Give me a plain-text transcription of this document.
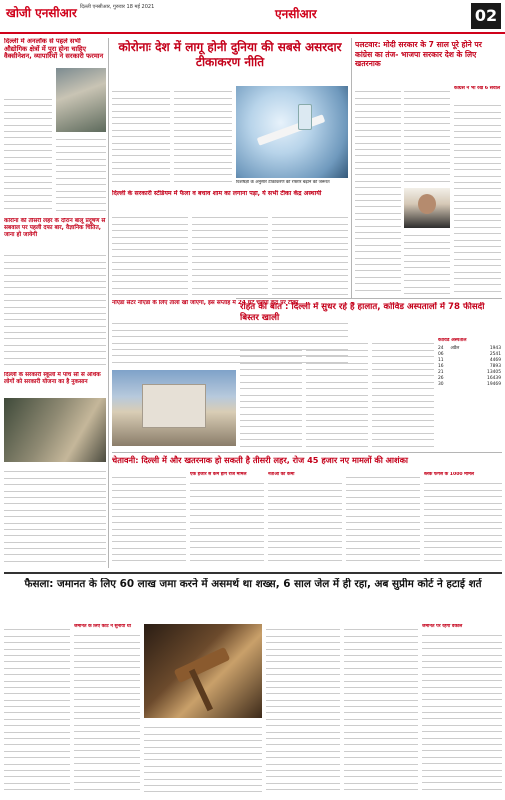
खोजी एनसीआर दिल्ली एनसीआर, गुरुवार 18 मई 2021	एनसीआर	02
दिल्ली में अनलॉक से पहले सभी औद्योगिक क्षेत्रों में पूरा होना चाहिए वैक्सीनेशन, व्यापारियों ने सरकारी फरमान

कोरोना की तीसरी लहर के दौरान बालू प्रदूषण से सबवाल पर पहली दफा बार, वैज्ञानिक चिंतित, जाना हो जायेगी
दिल्ली के सरकारी स्कूलों में पांच सौ से अधिक लोगों को सरकारी योजना का है नुकसान
कोरोनाः देश में लागू होनी दुनिया की सबसे असरदार टीकाकरण नीति
विशेषज्ञों के अनुसार टीकाकरण की रफ्तार बढ़ाने की जरूरत
दिल्ली के सरकारी स्टेडियम में फैला व बचाव शाम का लगाना पड़ा, ये सभी टीका केंद्र अस्थायी
नोएडा सेंटर नोएडा के लिए ताला खो जाएगा, इस सप्ताह में 24 घंटे चलेगा केंद्र पर टीका
पलटवार: मोदी सरकार के 7 साल पूरे होने पर कांग्रेस का तंज- भाजपा सरकार देश के लिए खतरनाक
कांग्रेस ने भी रखे 6 सवाल
राहत की बात : दिल्ली में सुधर रहे हैं हालात, कोविड अस्पतालों में 78 फीसदी बिस्तर खाली
कोविड अस्पताल
24	अप्रैल	1943
06		2541
11		4469
16		7893
21		13405
26		16439
30		19469
चेतावनी: दिल्ली में और खतरनाक हो सकती है तीसरी लहर, रोज 45 हजार नए मामलों की आशंका
एक हजार से कम होंगे रोज मामले	नेताओं की कमी	ब्लैक फंगस के 1000 मामले
फैसला: जमानत के लिए 60 लाख जमा करने में असमर्थ था शख्स, 6 साल जेल में ही रहा, अब सुप्रीम कोर्ट ने हटाई शर्त
जमानत के लिए कोर्ट ने सुनाया था	जमानत पर रहेगा वकील
